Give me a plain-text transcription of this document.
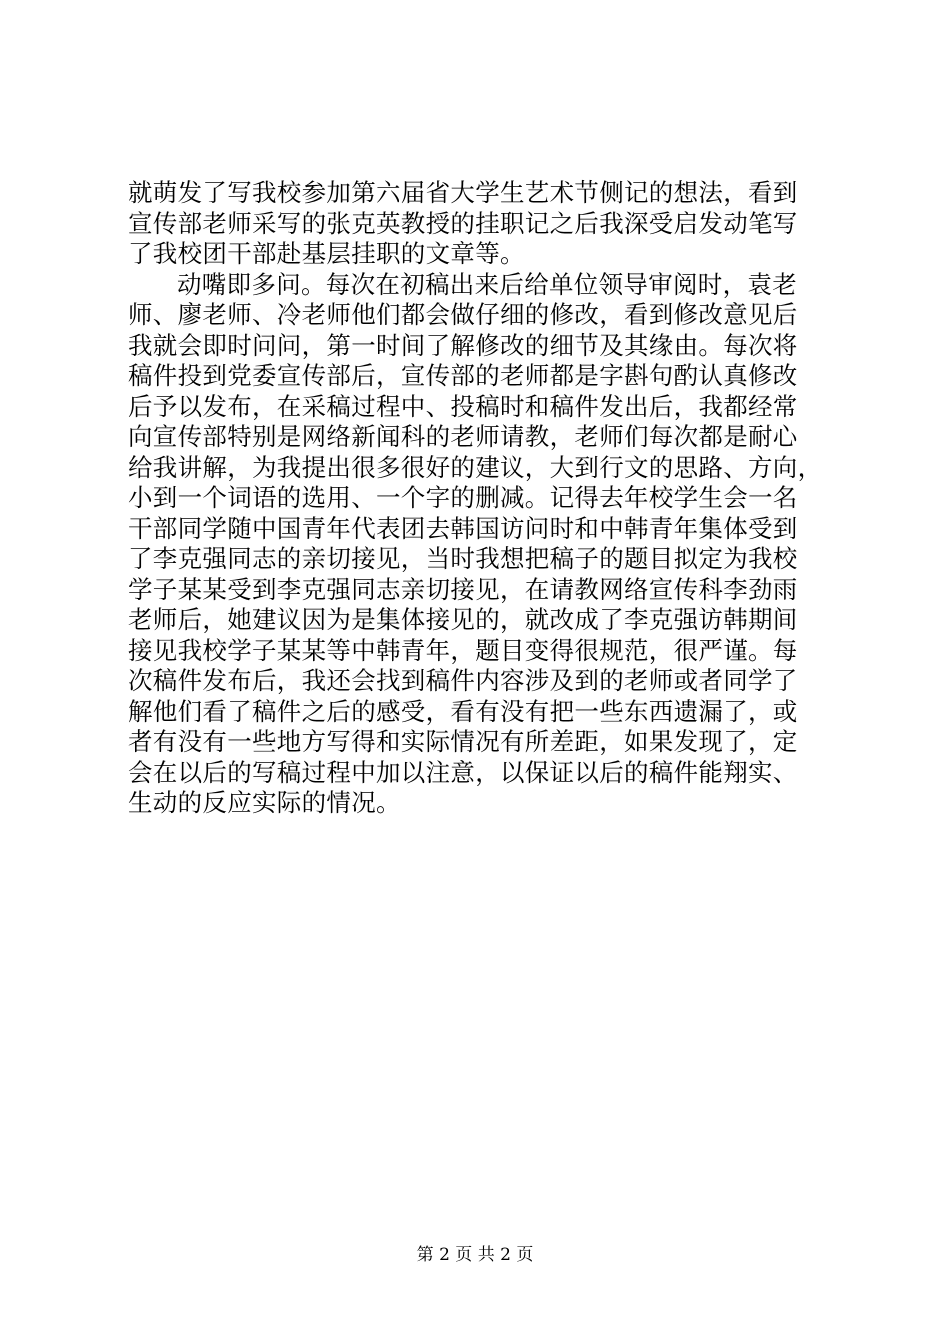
就萌发了写我校参加第六届省大学生艺术节侧记的想法，看到
宣传部老师采写的张克英教授的挂职记之后我深受启发动笔写
了我校团干部赴基层挂职的文章等。
动嘴即多问。每次在初稿出来后给单位领导审阅时，袁老
师、廖老师、冷老师他们都会做仔细的修改，看到修改意见后
我就会即时问问，第一时间了解修改的细节及其缘由。每次将
稿件投到党委宣传部后，宣传部的老师都是字斟句酌认真修改
后予以发布，在采稿过程中、投稿时和稿件发出后，我都经常
向宣传部特别是网络新闻科的老师请教，老师们每次都是耐心
给我讲解，为我提出很多很好的建议，大到行文的思路、方向，
小到一个词语的选用、一个字的删减。记得去年校学生会一名
干部同学随中国青年代表团去韩国访问时和中韩青年集体受到
了李克强同志的亲切接见，当时我想把稿子的题目拟定为我校
学子某某受到李克强同志亲切接见，在请教网络宣传科李劲雨
老师后，她建议因为是集体接见的，就改成了李克强访韩期间
接见我校学子某某等中韩青年，题目变得很规范，很严谨。每
次稿件发布后，我还会找到稿件内容涉及到的老师或者同学了
解他们看了稿件之后的感受，看有没有把一些东西遗漏了，或
者有没有一些地方写得和实际情况有所差距，如果发现了，定
会在以后的写稿过程中加以注意，以保证以后的稿件能翔实、
生动的反应实际的情况。
第 2 页 共 2 页
